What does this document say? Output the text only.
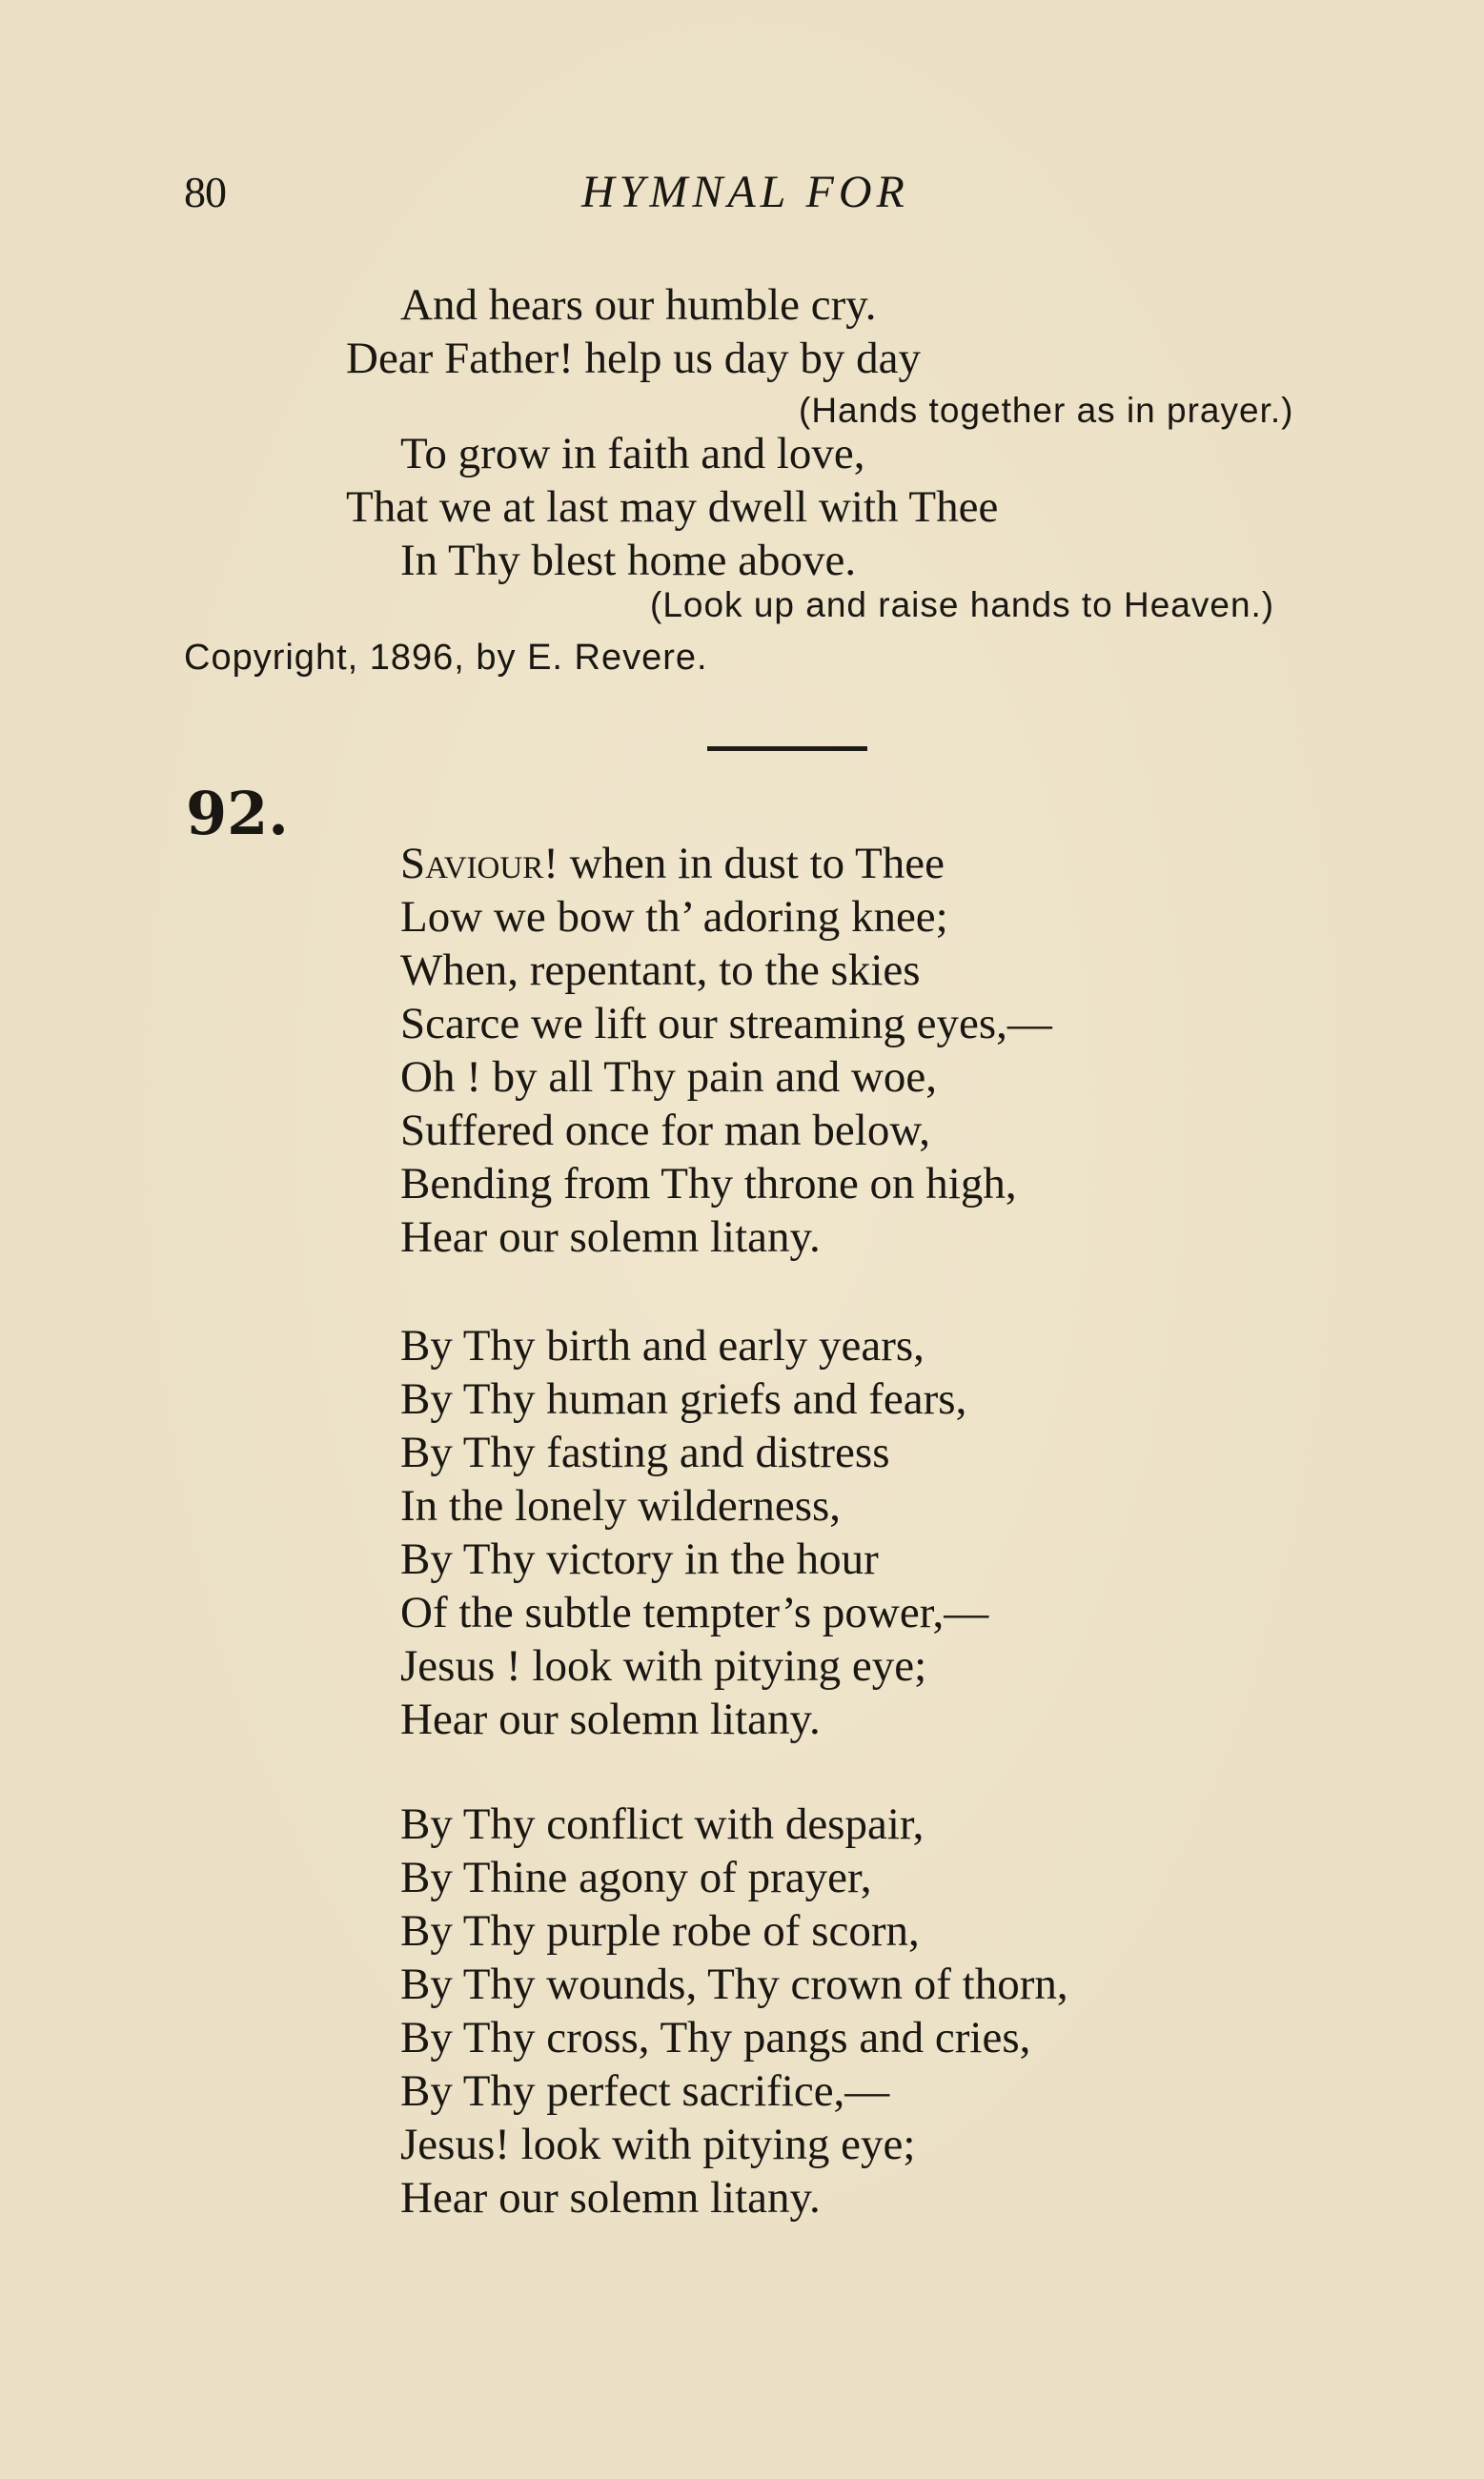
80	HYMNAL FOR
And hears our humble cry.
Dear Father! help us day by day
(Hands together as in prayer.)
To grow in faith and love,
That we at last may dwell with Thee
In Thy blest home above.
(Look up and raise hands to Heaven.)
Copyright, 1896, by E. Revere.
92.
Saviour! when in dust to Thee
Low we bow th’ adoring knee;
When, repentant, to the skies
Scarce we lift our streaming eyes,—
Oh ! by all Thy pain and woe,
Suffered once for man below,
Bending from Thy throne on high,
Hear our solemn litany.
By Thy birth and early years,
By Thy human griefs and fears,
By Thy fasting and distress
In the lonely wilderness,
By Thy victory in the hour
Of the subtle tempter’s power,—
Jesus ! look with pitying eye;
Hear our solemn litany.
By Thy conflict with despair,
By Thine agony of prayer,
By Thy purple robe of scorn,
By Thy wounds, Thy crown of thorn,
By Thy cross, Thy pangs and cries,
By Thy perfect sacrifice,—
Jesus! look with pitying eye;
Hear our solemn litany.
